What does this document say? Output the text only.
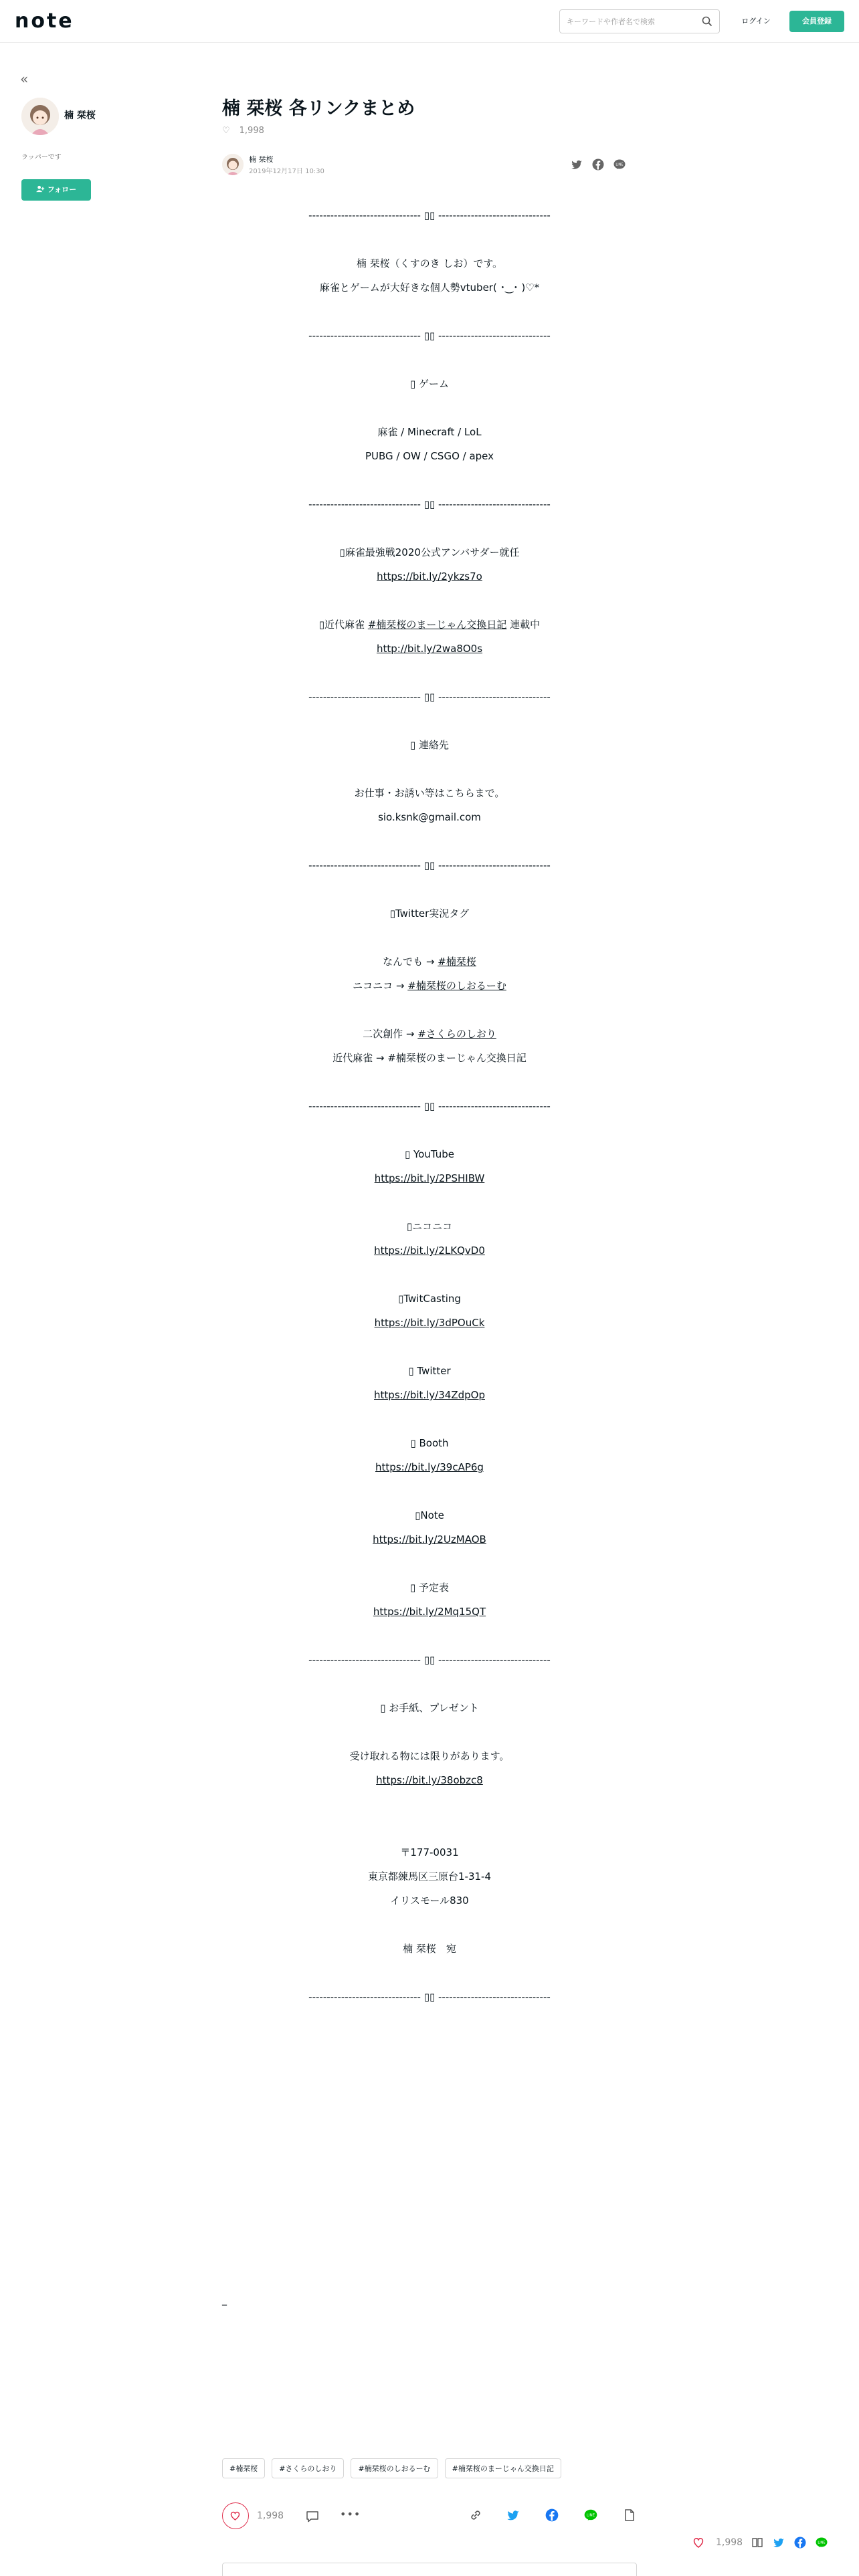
note
キーワードや作者名で検索	ログイン	会員登録
«
楠 栞桜
ラッパーです
フォロー
楠 栞桜 各リンクまとめ
♡ 1,998
楠 栞桜
2019年12月17日 10:30
LINE
------------------------------- ▯▯ -------------------------------
楠 栞桜（くすのき しお）です。
麻雀とゲームが大好きな個人勢vtuber( ･‿･ )♡*
------------------------------- ▯▯ -------------------------------
▯ ゲーム
麻雀 / Minecraft / LoL
PUBG / OW / CSGO / apex
------------------------------- ▯▯ -------------------------------
▯麻雀最強戦2020公式アンバサダー就任
https://bit.ly/2ykzs7o
▯近代麻雀 #楠栞桜のまーじゃん交換日記 連載中
http://bit.ly/2wa8O0s
------------------------------- ▯▯ -------------------------------
▯ 連絡先
お仕事・お誘い等はこちらまで。
sio.ksnk@gmail.com
------------------------------- ▯▯ -------------------------------
▯Twitter実況タグ
なんでも → #楠栞桜
ニコニコ → #楠栞桜のしおるーむ
二次創作 → #さくらのしおり
近代麻雀 → #楠栞桜のまーじゃん交換日記
------------------------------- ▯▯ -------------------------------
▯ YouTube
https://bit.ly/2PSHIBW
▯ニコニコ
https://bit.ly/2LKQvD0
▯TwitCasting
https://bit.ly/3dPOuCk
▯ Twitter
https://bit.ly/34ZdpOp
▯ Booth
https://bit.ly/39cAP6g
▯Note
https://bit.ly/2UzMAOB
▯ 予定表
https://bit.ly/2Mq15QT
------------------------------- ▯▯ -------------------------------
▯ お手紙、プレゼント
受け取れる物には限りがあります。
https://bit.ly/38obzc8
〒177-0031
東京都練馬区三原台1-31-4
イリスモール830
楠 栞桜　宛
------------------------------- ▯▯ -------------------------------
_
#楠栞桜	#さくらのしおり	#楠栞桜のしおるーむ	#楠栞桜のまーじゃん交換日記
1,998	•••	LINE
1,998	LINE
